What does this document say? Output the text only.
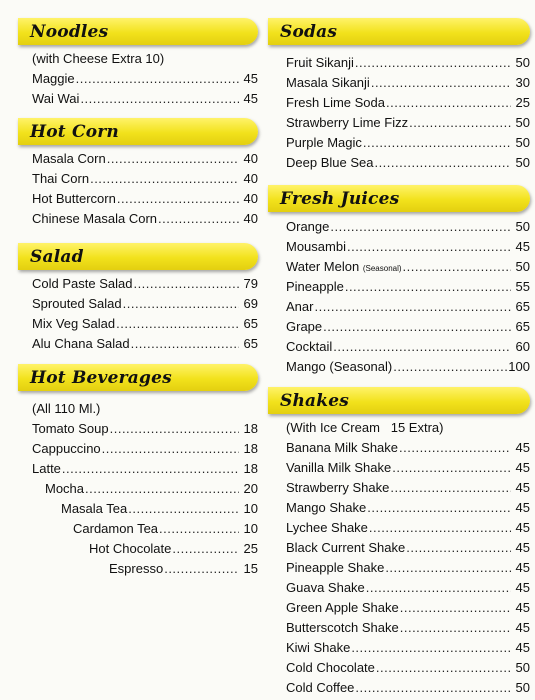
Noodles
(with Cheese Extra 10)
Maggie .....	45
Wai Wai .....	45
Hot Corn
Masala Corn .....	40
Thai Corn .....	40
Hot Buttercorn .....	40
Chinese Masala Corn .....	40
Salad
Cold Paste Salad .....	79
Sprouted Salad .....	69
Mix Veg Salad .....	65
Alu Chana Salad .....	65
Hot Beverages
(All 110 Ml.)
Tomato Soup .....	18
Cappuccino .....	18
Latte .....	18
Mocha .....	20
Masala Tea .....	10
Cardamon Tea .....	10
Hot Chocolate .....	25
Espresso .....	15
Sodas
Fruit Sikanji .....	50
Masala Sikanji .....	30
Fresh Lime Soda .....	25
Strawberry Lime Fizz .....	50
Purple Magic .....	50
Deep Blue Sea .....	50
Fresh Juices
Orange .....	50
Mousambi .....	45
Water Melon
(Seasonal) .....	50
Pineapple .....	55
Anar .....	65
Grape .....	65
Cocktail .....	60
Mango (Seasonal) .....	100
Shakes
(With Ice Cream   15 Extra)
Banana Milk Shake .....	45
Vanilla Milk Shake .....	45
Strawberry Shake .....	45
Mango Shake .....	45
Lychee Shake .....	45
Black Current Shake .....	45
Pineapple Shake .....	45
Guava Shake .....	45
Green Apple Shake .....	45
Butterscotch Shake .....	45
Kiwi Shake .....	45
Cold Chocolate .....	50
Cold Coffee .....	50
